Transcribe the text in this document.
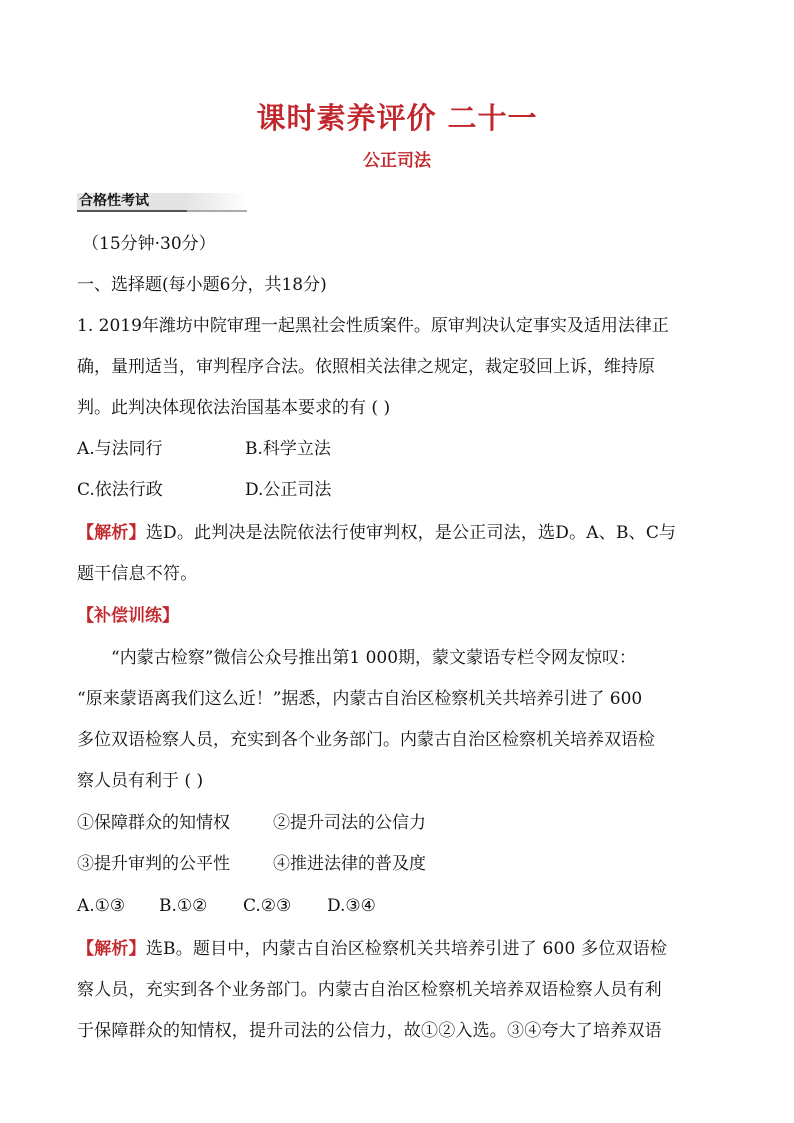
课时素养评价 二十一
公正司法
合格性考试
（15分钟·30分）
一、选择题(每小题6分，共18分)
1. 2019年潍坊中院审理一起黑社会性质案件。原审判决认定事实及适用法律正
确，量刑适当，审判程序合法。依照相关法律之规定，裁定驳回上诉，维持原
判。此判决体现依法治国基本要求的有 ( )
A.与法同行	B.科学立法
C.依法行政	D.公正司法
【解析】选D。此判决是法院依法行使审判权，是公正司法，选D。A、B、C与
题干信息不符。
【补偿训练】
“内蒙古检察”微信公众号推出第1 000期，蒙文蒙语专栏令网友惊叹：
“原来蒙语离我们这么近！”据悉，内蒙古自治区检察机关共培养引进了 600
多位双语检察人员，充实到各个业务部门。内蒙古自治区检察机关培养双语检
察人员有利于 ( )
①保障群众的知情权	②提升司法的公信力
③提升审判的公平性	④推进法律的普及度
A.①③ B.①② C.②③ D.③④
【解析】选B。题目中，内蒙古自治区检察机关共培养引进了 600 多位双语检
察人员，充实到各个业务部门。内蒙古自治区检察机关培养双语检察人员有利
于保障群众的知情权，提升司法的公信力，故①②入选。③④夸大了培养双语
